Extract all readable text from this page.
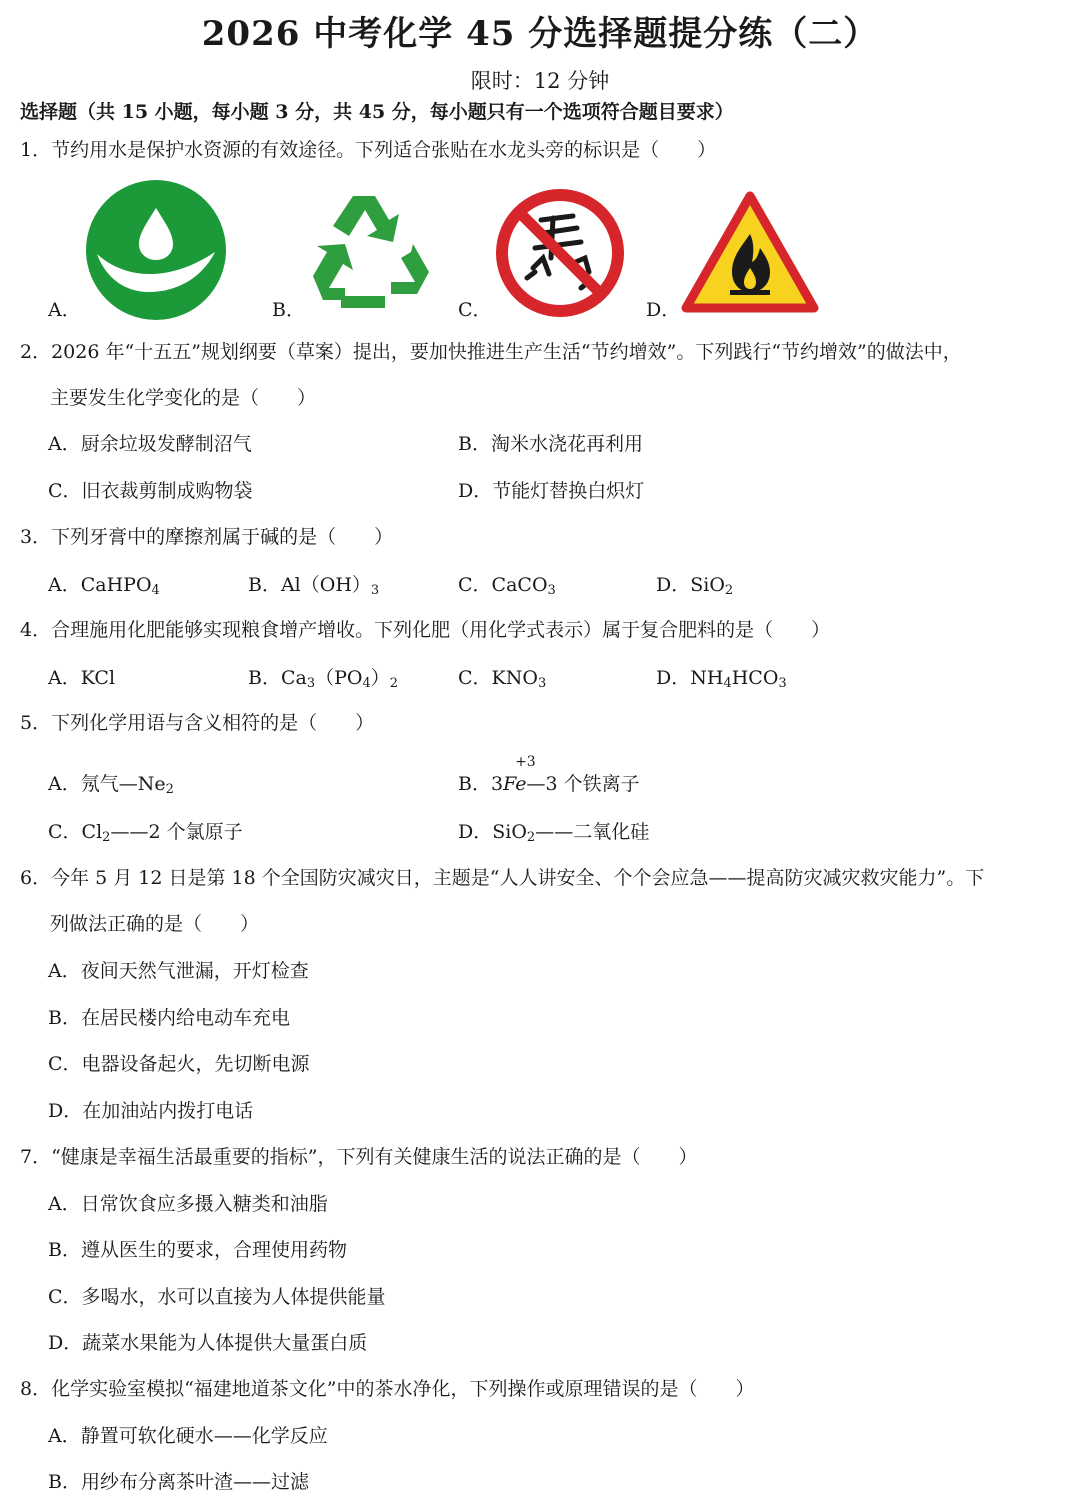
2026 中考化学 45 分选择题提分练（二）
限时：12 分钟
选择题（共 15 小题，每小题 3 分，共 45 分，每小题只有一个选项符合题目要求）
1．节约用水是保护水资源的有效途径。下列适合张贴在水龙头旁的标识是（　　）
A．	B．	C．	D．
2．2026 年“十五五”规划纲要（草案）提出，要加快推进生产生活“节约增效”。下列践行“节约增效”的做法中，
主要发生化学变化的是（　　）
A．厨余垃圾发酵制沼气	B．淘米水浇花再利用
C．旧衣裁剪制成购物袋	D．节能灯替换白炽灯
3．下列牙膏中的摩擦剂属于碱的是（　　）
A．CaHPO$_4$	B．$Al(OH)_3$	C．CaCO$_3$	D．SiO$_2$
4．合理施用化肥能够实现粮食增产增收。下列化肥（用化学式表示）属于复合肥料的是（　　）
A．KCl	B．$Ca_3(PO_4)_2$	C．$KNO_3$	D．$NH_4HCO_3$
5．下列化学用语与含义相符的是（　　）
A．氖气$—Ne_2$	B．3Fe
+3
—3 个铁离子
C．$Cl_2——2$ 个氯原子	D．SiO$_2$——二氧化硅
6．今年 5 月 12 日是第 18 个全国防灾减灾日，主题是“人人讲安全、个个会应急——提高防灾减灾救灾能力”。下
列做法正确的是（　　）
A．夜间天然气泄漏，开灯检查
B．在居民楼内给电动车充电
C．电器设备起火，先切断电源
D．在加油站内拨打电话
7．“健康是幸福生活最重要的指标”，下列有关健康生活的说法正确的是（　　）
A．日常饮食应多摄入糖类和油脂
B．遵从医生的要求，合理使用药物
C．多喝水，水可以直接为人体提供能量
D．蔬菜水果能为人体提供大量蛋白质
8．化学实验室模拟“福建地道茶文化”中的茶水净化，下列操作或原理错误的是（　　）
A．静置可软化硬水——化学反应
B．用纱布分离茶叶渣——过滤
